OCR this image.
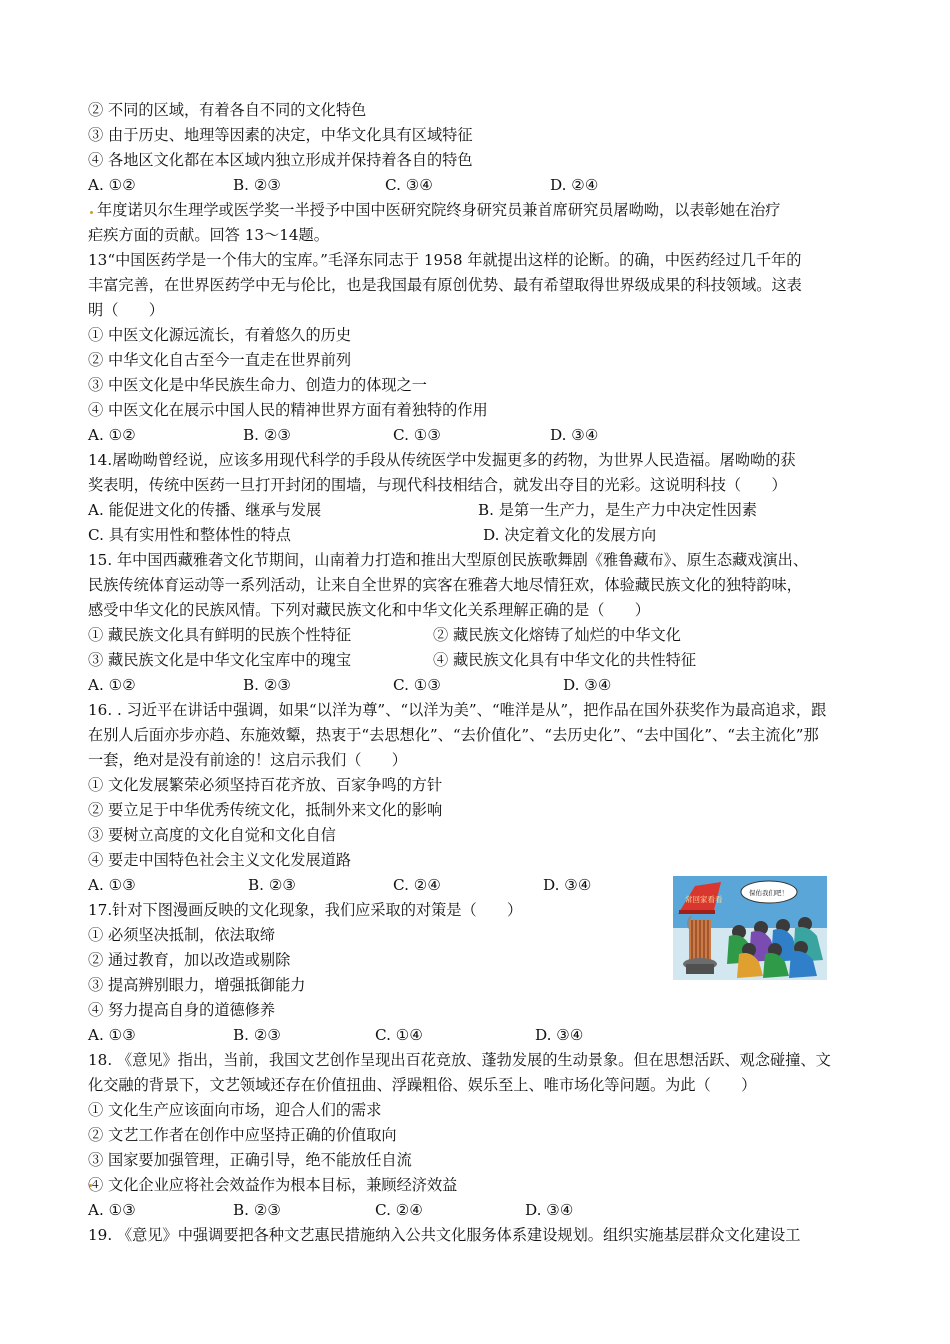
② 不同的区域，有着各自不同的文化特色
③ 由于历史、地理等因素的决定，中华文化具有区域特征
④ 各地区文化都在本区域内独立形成并保持着各自的特色
A. ①②	B. ②③	C. ③④	D. ②④
年度诺贝尔生理学或医学奖一半授予中国中医研究院终身研究员兼首席研究员屠呦呦，以表彰她在治疗
疟疾方面的贡献。回答 13～14题。
13“中国医药学是一个伟大的宝库。”毛泽东同志于 1958 年就提出这样的论断。的确，中医药经过几千年的
丰富完善，在世界医药学中无与伦比，也是我国最有原创优势、最有希望取得世界级成果的科技领域。这表
明（　　）
① 中医文化源远流长，有着悠久的历史
② 中华文化自古至今一直走在世界前列
③ 中医文化是中华民族生命力、创造力的体现之一
④ 中医文化在展示中国人民的精神世界方面有着独特的作用
A. ①②	B. ②③	C. ①③	D. ③④
14.屠呦呦曾经说，应该多用现代科学的手段从传统医学中发掘更多的药物，为世界人民造福。屠呦呦的获
奖表明，传统中医药一旦打开封闭的围墙，与现代科技相结合，就发出夺目的光彩。这说明科技（　　）
A. 能促进文化的传播、继承与发展	B. 是第一生产力，是生产力中决定性因素
C. 具有实用性和整体性的特点	D. 决定着文化的发展方向
15. 年中国西藏雅砻文化节期间，山南着力打造和推出大型原创民族歌舞剧《雅鲁藏布》、原生态藏戏演出、
民族传统体育运动等一系列活动，让来自全世界的宾客在雅砻大地尽情狂欢，体验藏民族文化的独特韵味，
感受中华文化的民族风情。下列对藏民族文化和中华文化关系理解正确的是（　　）
① 藏民族文化具有鲜明的民族个性特征	② 藏民族文化熔铸了灿烂的中华文化
③ 藏民族文化是中华文化宝库中的瑰宝	④ 藏民族文化具有中华文化的共性特征
A. ①②	B. ②③	C. ①③	D. ③④
16. . 习近平在讲话中强调，如果“以洋为尊”、“以洋为美”、“唯洋是从”，把作品在国外获奖作为最高追求，跟
在别人后面亦步亦趋、东施效颦，热衷于“去思想化”、“去价值化”、“去历史化”、“去中国化”、“去主流化”那
一套，绝对是没有前途的！这启示我们（　　）
① 文化发展繁荣必须坚持百花齐放、百家争鸣的方针
② 要立足于中华优秀传统文化，抵制外来文化的影响
③ 要树立高度的文化自觉和文化自信
④ 要走中国特色社会主义文化发展道路
A. ①③	B. ②③	C. ②④	D. ③④
17.针对下图漫画反映的文化现象，我们应采取的对策是（　　）
① 必须坚决抵制，依法取缔
② 通过教育，加以改造或剔除
③ 提高辨别眼力，增强抵御能力
④ 努力提高自身的道德修养
A. ①③	B. ②③	C. ①④	D. ③④
18. 《意见》指出，当前，我国文艺创作呈现出百花竞放、蓬勃发展的生动景象。但在思想活跃、观念碰撞、文
化交融的背景下，文艺领域还存在价值扭曲、浮躁粗俗、娱乐至上、唯市场化等问题。为此（　　）
① 文化生产应该面向市场，迎合人们的需求
② 文艺工作者在创作中应坚持正确的价值取向
③ 国家要加强管理，正确引导，绝不能放任自流
④ 文化企业应将社会效益作为根本目标，兼顾经济效益
A. ①③	B. ②③	C. ②④	D. ③④
19. 《意见》中强调要把各种文艺惠民措施纳入公共文化服务体系建设规划。组织实施基层群众文化建设工
常回家看看
保佑我们吧！
